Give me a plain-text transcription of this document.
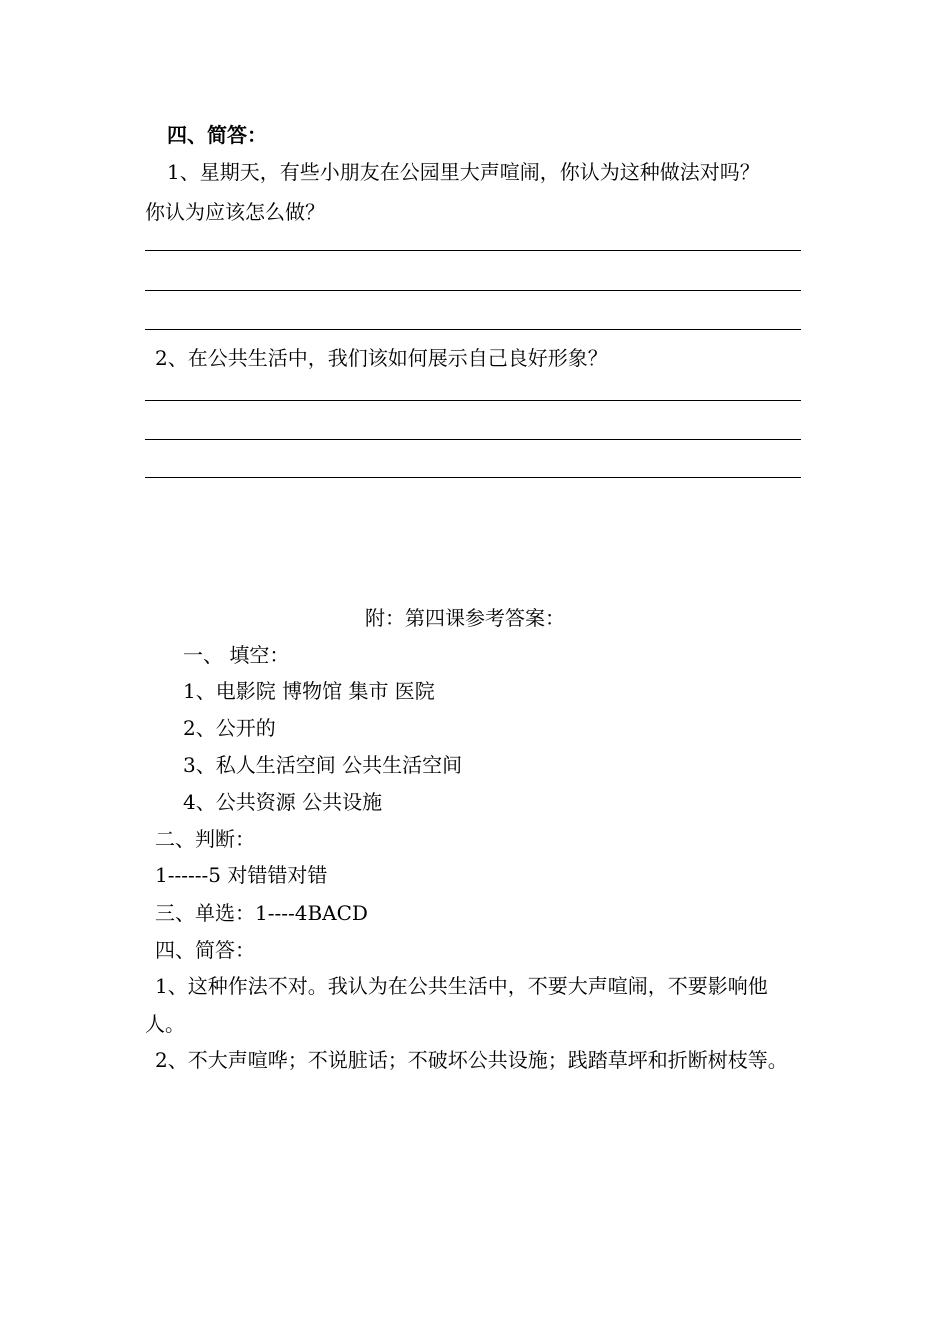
四、简答：
1、星期天，有些小朋友在公园里大声喧闹，你认为这种做法对吗？
你认为应该怎么做？
2、在公共生活中，我们该如何展示自己良好形象？
附：第四课参考答案：
一、 填空：
1、电影院 博物馆 集市 医院
2、公开的
3、私人生活空间 公共生活空间
4、公共资源 公共设施
二、判断：
1------5 对错错对错
三、单选：1----4BACD
四、简答：
1、这种作法不对。我认为在公共生活中，不要大声喧闹，不要影响他
人。
2、不大声喧哗；不说脏话；不破坏公共设施；践踏草坪和折断树枝等。
